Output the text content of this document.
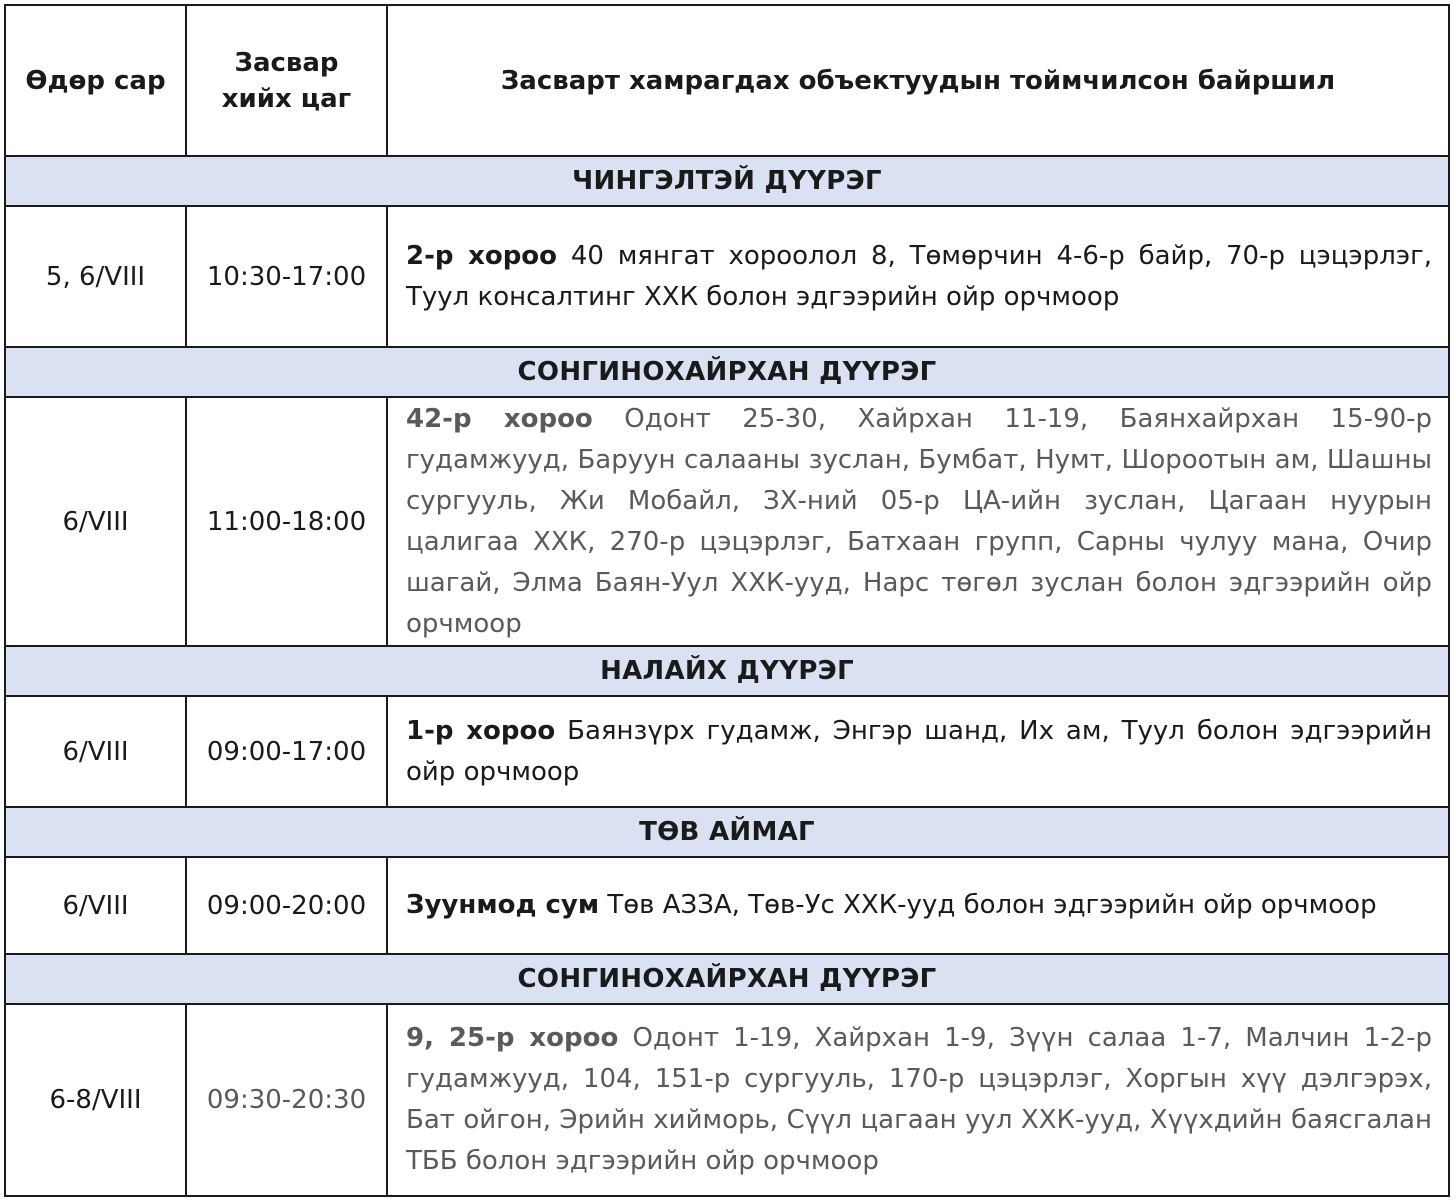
Өдөр сар	Засвар хийх цаг	Засварт хамрагдах объектуудын тоймчилсон байршил
ЧИНГЭЛТЭЙ ДҮҮРЭГ		
5, 6/VIII	10:30-17:00	2-р хороо 40 мянгат хороолол 8, Төмөрчин 4-6-р байр, 70-р цэцэрлэг, Туул консалтинг ХХК болон эдгээрийн ойр орчмоор
СОНГИНОХАЙРХАН ДҮҮРЭГ		
6/VIII	11:00-18:00	42-р хороо Одонт 25-30, Хайрхан 11-19, Баянхайрхан 15-90-р гудамжууд, Баруун салааны зуслан, Бумбат, Нумт, Шороотын ам, Шашны сургууль, Жи Мобайл, ЗХ-ний 05-р ЦА-ийн зуслан, Цагаан нуурын цалигаа ХХК, 270-р цэцэрлэг, Батхаан групп, Сарны чулуу мана, Очир шагай, Элма Баян-Уул ХХК-ууд, Нарс төгөл зуслан болон эдгээрийн ойр орчмоор
НАЛАЙХ ДҮҮРЭГ		
6/VIII	09:00-17:00	1-р хороо Баянзүрх гудамж, Энгэр шанд, Их ам, Туул болон эдгээрийн ойр орчмоор
ТӨВ АЙМАГ		
6/VIII	09:00-20:00	Зуунмод сум Төв АЗЗА, Төв-Ус ХХК-ууд болон эдгээрийн ойр орчмоор
СОНГИНОХАЙРХАН ДҮҮРЭГ		
6-8/VIII	09:30-20:30	9, 25-р хороо Одонт 1-19, Хайрхан 1-9, Зүүн салаа 1-7, Малчин 1-2-р гудамжууд, 104, 151-р сургууль, 170-р цэцэрлэг, Хоргын хүү дэлгэрэх, Бат ойгон, Эрийн хийморь, Сүүл цагаан уул ХХК-ууд, Хүүхдийн баясгалан ТББ болон эдгээрийн ойр орчмоор
